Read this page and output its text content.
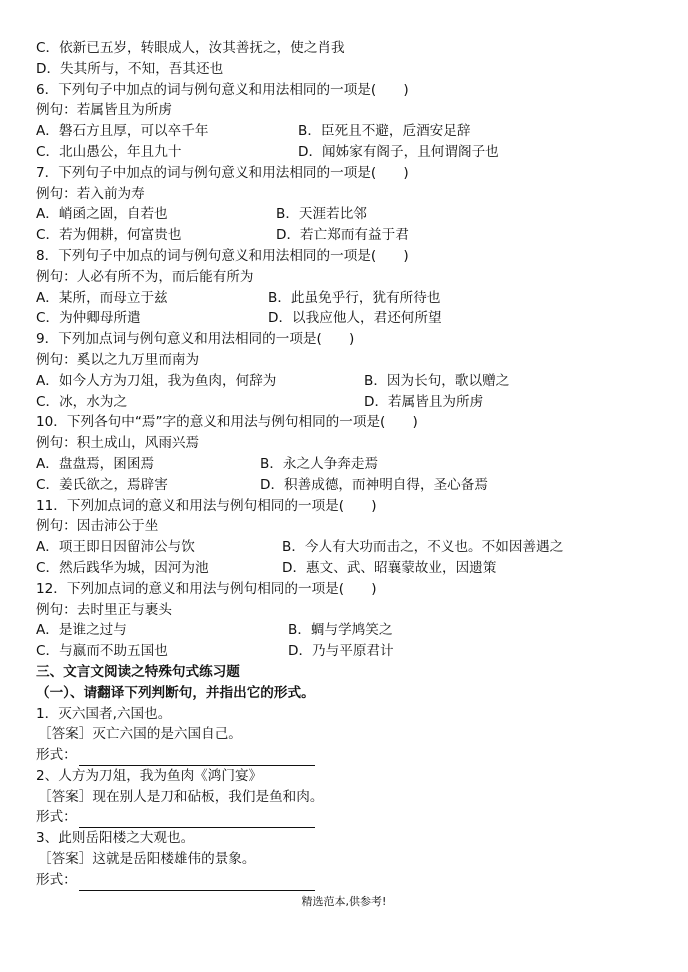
C．依新已五岁，转眼成人，汝其善抚之，使之肖我
D．失其所与，不知，吾其还也
6．下列句子中加点的词与例句意义和用法相同的一项是(　　)
例句：若属皆且为所虏
A．磐石方且厚，可以卒千年	B．臣死且不避，卮酒安足辞
C．北山愚公，年且九十	D．闻姊家有阁子，且何谓阁子也
7．下列句子中加点的词与例句意义和用法相同的一项是(　　)
例句：若入前为寿
A．峭函之固，自若也	B．天涯若比邻
C．若为佣耕，何富贵也	D．若亡郑而有益于君
8．下列句子中加点的词与例句意义和用法相同的一项是(　　)
例句：人必有所不为，而后能有所为
A．某所，而母立于兹	B．此虽免乎行，犹有所待也
C．为仲卿母所遣	D．以我应他人，君还何所望
9．下列加点词与例句意义和用法相同的一项是(　　)
例句：奚以之九万里而南为
A．如今人方为刀俎，我为鱼肉，何辞为	B．因为长句，歌以赠之
C．冰，水为之	D．若属皆且为所虏
10．下列各句中“焉”字的意义和用法与例句相同的一项是(　　)
例句：积土成山，风雨兴焉
A．盘盘焉，囷囷焉	B．永之人争奔走焉
C．姜氏欲之，焉辟害	D．积善成德，而神明自得，圣心备焉
11．下列加点词的意义和用法与例句相同的一项是(　　)
例句：因击沛公于坐
A．项王即日因留沛公与饮	B．今人有大功而击之，不义也。不如因善遇之
C．然后践华为城，因河为池	D．惠文、武、昭襄蒙故业，因遗策
12．下列加点词的意义和用法与例句相同的一项是(　　)
例句：去时里正与裹头
A．是谁之过与	B．蜩与学鸠笑之
C．与嬴而不助五国也	D．乃与平原君计
三、文言文阅读之特殊句式练习题
（一）、请翻译下列判断句，并指出它的形式。
1．灭六国者,六国也。
［答案］灭亡六国的是六国自己。
形式：
2、人方为刀俎，我为鱼肉《鸿门宴》
［答案］现在别人是刀和砧板，我们是鱼和肉。
形式：
3、此则岳阳楼之大观也。
［答案］这就是岳阳楼雄伟的景象。
形式：
精选范本,供参考!
